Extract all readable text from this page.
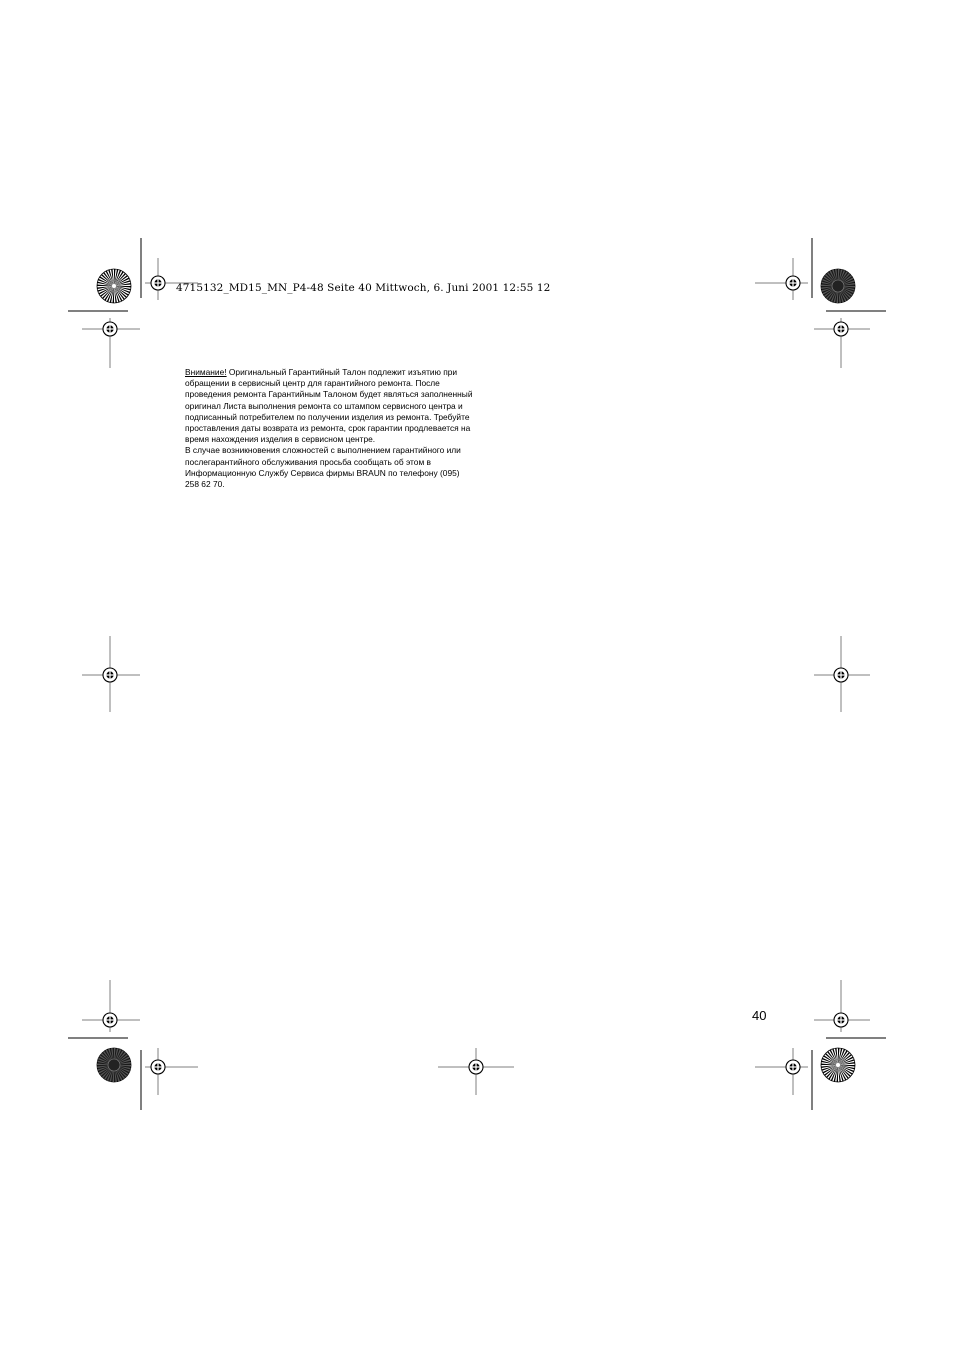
4715132_MD15_MN_P4-48 Seite 40 Mittwoch, 6. Juni 2001 12:55 12

Внимание! Оригинальный Гарантийный Талон подлежит изъятию при обращении в сервисный центр для гарантийного ремонта. После проведения ремонта Гарантийным Талоном будет являться заполненный оригинал Листа выполнения ремонта со штампом сервисного центра и подписанный потребителем по получении изделия из ремонта. Требуйте проставления даты возврата из ремонта, срок гарантии продлевается на время нахождения изделия в сервисном центре.

В случае возникновения сложностей с выполнением гарантийного или послегарантийного обслуживания просьба сообщать об этом в Информационную Службу Сервиса фирмы BRAUN по телефону (095) 258 62 70.

40
